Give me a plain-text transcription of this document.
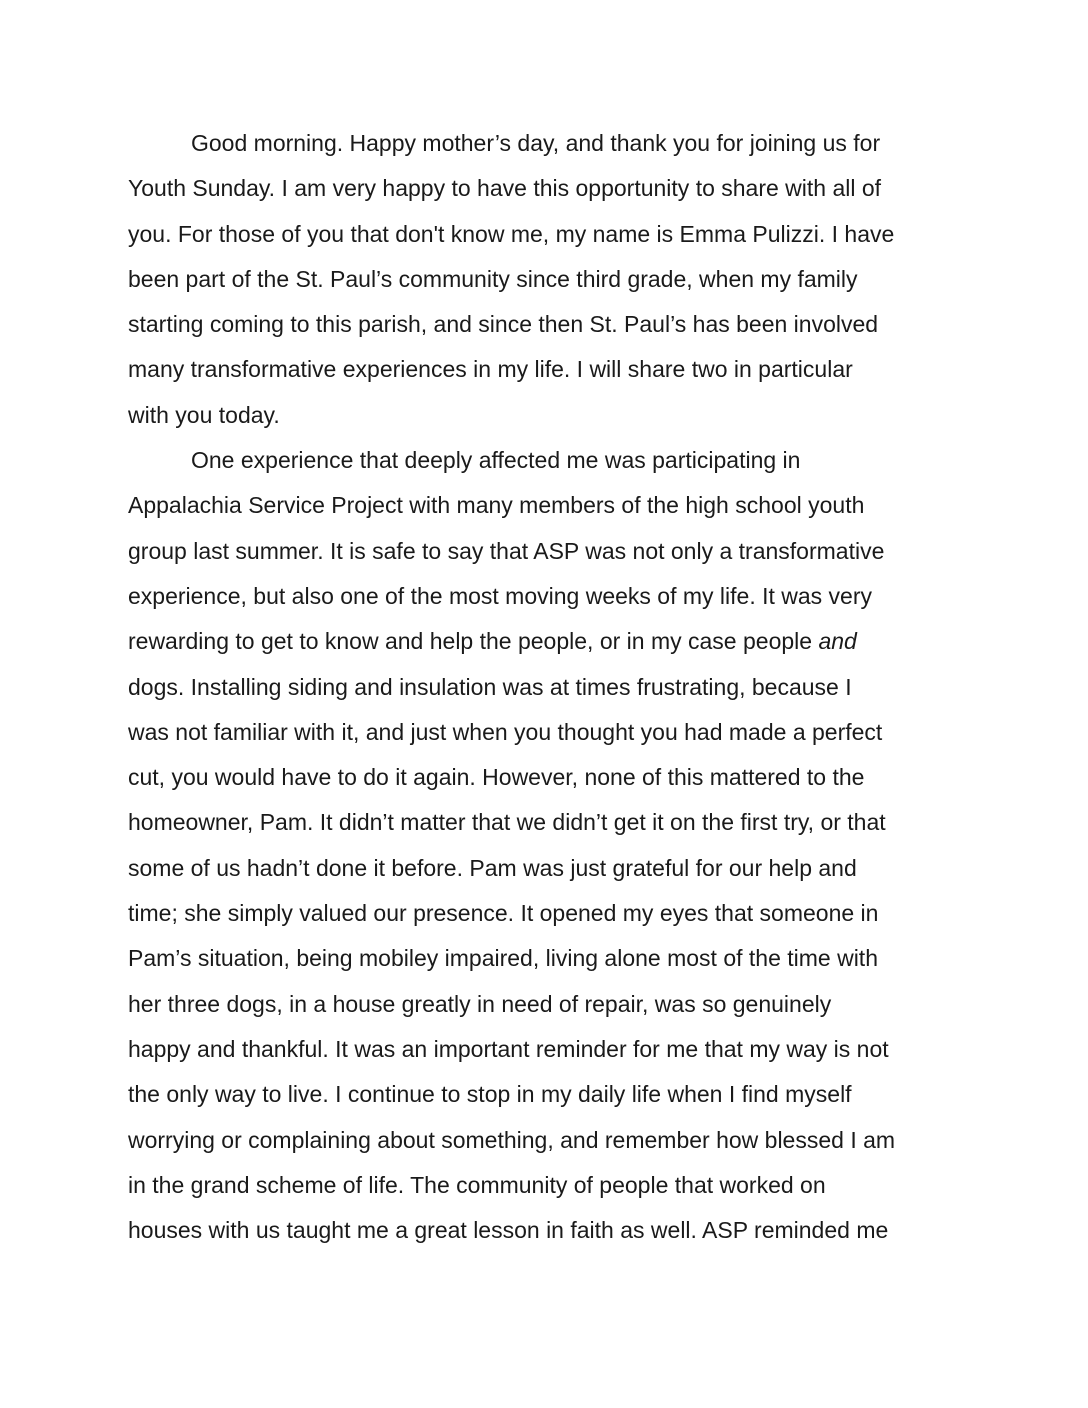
Good morning. Happy mother’s day, and thank you for joining us for
Youth Sunday. I am very happy to have this opportunity to share with all of
you. For those of you that don't know me, my name is Emma Pulizzi. I have
been part of the St. Paul’s community since third grade, when my family
starting coming to this parish, and since then St. Paul’s has been involved
many transformative experiences in my life. I will share two in particular
with you today.
One experience that deeply affected me was participating in
Appalachia Service Project with many members of the high school youth
group last summer. It is safe to say that ASP was not only a transformative
experience, but also one of the most moving weeks of my life. It was very
rewarding to get to know and help the people, or in my case people and
dogs. Installing siding and insulation was at times frustrating, because I
was not familiar with it, and just when you thought you had made a perfect
cut, you would have to do it again. However, none of this mattered to the
homeowner, Pam. It didn’t matter that we didn’t get it on the first try, or that
some of us hadn’t done it before. Pam was just grateful for our help and
time; she simply valued our presence. It opened my eyes that someone in
Pam’s situation, being mobiley impaired, living alone most of the time with
her three dogs, in a house greatly in need of repair, was so genuinely
happy and thankful. It was an important reminder for me that my way is not
the only way to live. I continue to stop in my daily life when I find myself
worrying or complaining about something, and remember how blessed I am
in the grand scheme of life. The community of people that worked on
houses with us taught me a great lesson in faith as well. ASP reminded me
